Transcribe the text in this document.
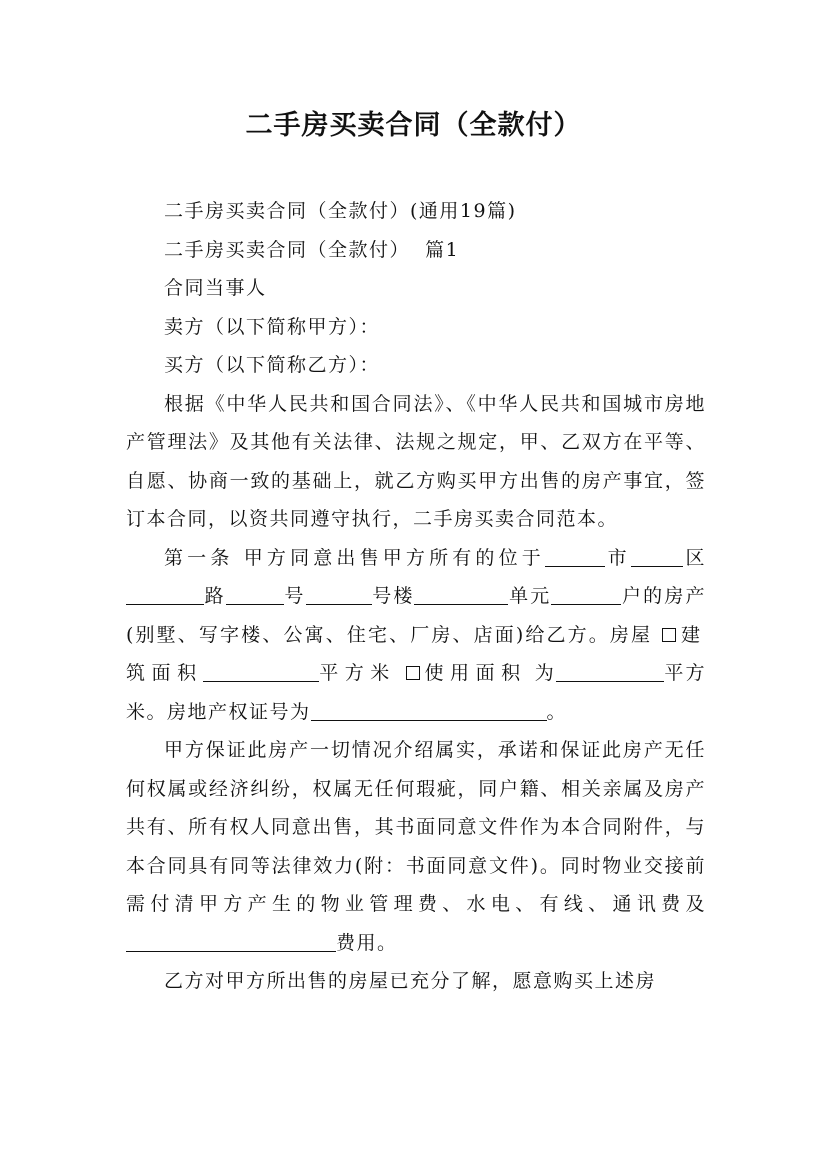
二手房买卖合同（全款付）

二手房买卖合同（全款付）(通用19篇)

二手房买卖合同（全款付）  篇1

合同当事人

卖方（以下简称甲方）：

买方（以下简称乙方）：

根据《中华人民共和国合同法》、《中华人民共和国城市房地产管理法》及其他有关法律、法规之规定，甲、乙双方在平等、自愿、协商一致的基础上，就乙方购买甲方出售的房产事宜，签订本合同，以资共同遵守执行，二手房买卖合同范本。

第一条 甲方同意出售甲方所有的位于	市	区路	号	号楼	单元	户的房产(别墅、写字楼、公寓、住宅、厂房、店面)给乙方。房屋 建筑面积	平方米 使用面积 为	平方米。房地产权证号为	。

甲方保证此房产一切情况介绍属实，承诺和保证此房产无任何权属或经济纠纷，权属无任何瑕疵，同户籍、相关亲属及房产共有、所有权人同意出售，其书面同意文件作为本合同附件，与本合同具有同等法律效力(附：书面同意文件)。同时物业交接前需付清甲方产生的物业管理费、水电、有线、通讯费及费用。

乙方对甲方所出售的房屋已充分了解，愿意购买上述房
